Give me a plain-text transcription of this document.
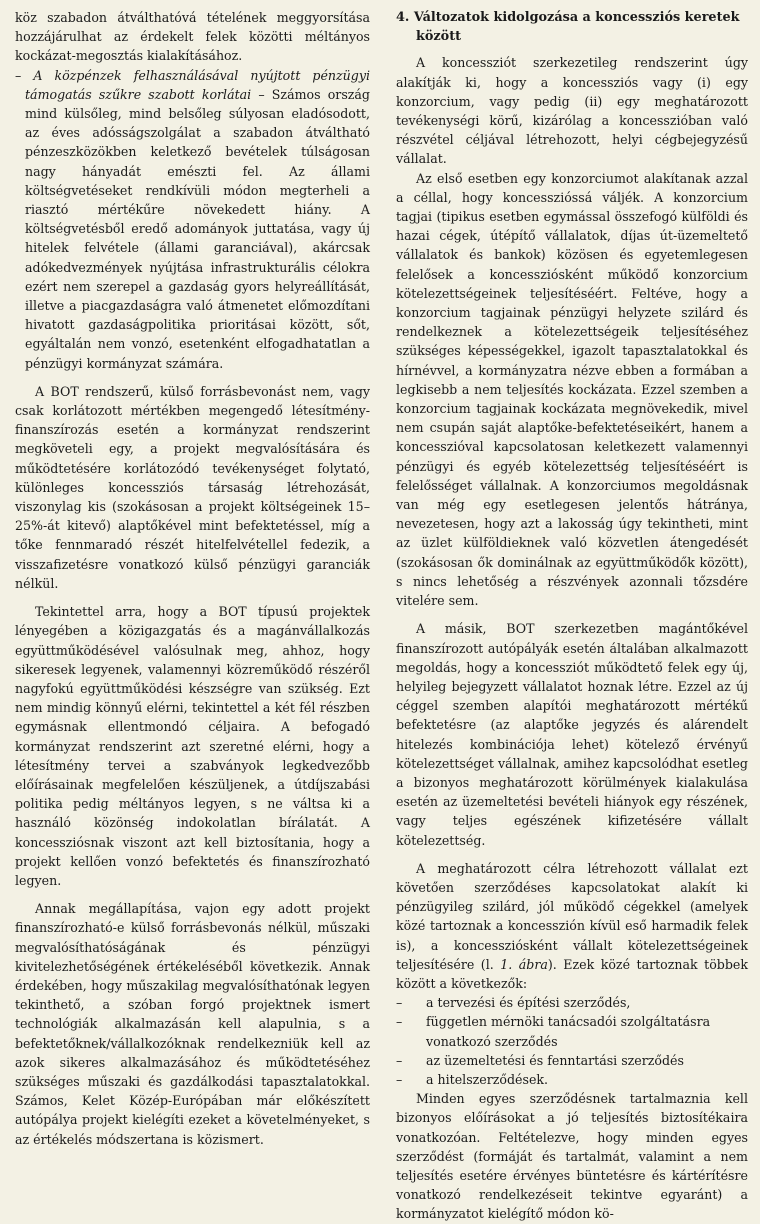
köz szabadon átválthatóvá tételének meggyorsítása hozzájárulhat az érdekelt felek közötti méltányos kockázat-megosztás kialakításához.

– A közpénzek felhasználásával nyújtott pénzügyi támogatás szűkre szabott korlátai – Számos ország mind külsőleg, mind belsőleg súlyosan eladósodott, az éves adósságszolgálat a szabadon átváltható pénzeszközökben keletkező bevételek túlságosan nagy hányadát emészti fel. Az állami költségvetéseket rendkívüli módon megterheli a riasztó mértékűre növekedett hiány. A költségvetésből eredő adományok juttatása, vagy új hitelek felvétele (állami garanciával), akárcsak adókedvezmények nyújtása infrastrukturális célokra ezért nem szerepel a gazdaság gyors helyreállítását, illetve a piacgazdaságra való átmenetet előmozdítani hivatott gazdaságpolitika prioritásai között, sőt, egyáltalán nem vonzó, esetenként elfogadhatatlan a pénzügyi kormányzat számára.

A BOT rendszerű, külső forrásbevonást nem, vagy csak korlátozott mértékben megengedő létesítmény-finanszírozás esetén a kormányzat rendszerint megköveteli egy, a projekt megvalósítására és működtetésére korlátozódó tevékenységet folytató, különleges koncessziós társaság létrehozását, viszonylag kis (szokásosan a projekt költségeinek 15–25%-át kitevő) alaptőkével mint befektetéssel, míg a tőke fennmaradó részét hitelfelvétellel fedezik, a visszafizetésre vonatkozó külső pénzügyi garanciák nélkül.

Tekintettel arra, hogy a BOT típusú projektek lényegében a közigazgatás és a magánvállalkozás együttműködésével valósulnak meg, ahhoz, hogy sikeresek legyenek, valamennyi közreműködő részéről nagyfokú együttműködési készségre van szükség. Ezt nem mindig könnyű elérni, tekintettel a két fél részben egymásnak ellentmondó céljaira. A befogadó kormányzat rendszerint azt szeretné elérni, hogy a létesítmény tervei a szabványok legkedvezőbb előírásainak megfelelően készüljenek, a útdíjszabási politika pedig méltányos legyen, s ne váltsa ki a használó közönség indokolatlan bírálatát. A koncessziósnak viszont azt kell biztosítania, hogy a projekt kellően vonzó befektetés és finanszírozható legyen.

Annak megállapítása, vajon egy adott projekt finanszírozható-e külső forrásbevonás nélkül, műszaki megvalósíthatóságának és pénzügyi kivitelezhetőségének értékeléséből következik. Annak érdekében, hogy műszakilag megvalósíthatónak legyen tekinthető, a szóban forgó projektnek ismert technológiák alkalmazásán kell alapulnia, s a befektetőknek/vállalkozóknak rendelkezniük kell az azok sikeres alkalmazásához és működtetéséhez szükséges műszaki és gazdálkodási tapasztalatokkal. Számos, Kelet Közép-Európában már előkészített autópálya projekt kielégíti ezeket a követelményeket, s az értékelés módszertana is közismert.

4. Változatok kidolgozása a koncessziós keretek között

A koncessziót szerkezetileg rendszerint úgy alakítják ki, hogy a koncessziós vagy (i) egy konzorcium, vagy pedig (ii) egy meghatározott tevékenységi körű, kizárólag a koncesszióban való részvétel céljával létrehozott, helyi cégbejegyzésű vállalat.

Az első esetben egy konzorciumot alakítanak azzal a céllal, hogy koncesszióssá váljék. A konzorcium tagjai (tipikus esetben egymással összefogó külföldi és hazai cégek, útépítő vállalatok, díjas út-üzemeltető vállalatok és bankok) közösen és egyetemlegesen felelősek a koncessziósként működő konzorcium kötelezettségeinek teljesítéséért. Feltéve, hogy a konzorcium tagjainak pénzügyi helyzete szilárd és rendelkeznek a kötelezettségeik teljesítéséhez szükséges képességekkel, igazolt tapasztalatokkal és hírnévvel, a kormányzatra nézve ebben a formában a legkisebb a nem teljesítés kockázata. Ezzel szemben a konzorcium tagjainak kockázata megnövekedik, mivel nem csupán saját alaptőke-befektetéseikért, hanem a koncesszióval kapcsolatosan keletkezett valamennyi pénzügyi és egyéb kötelezettség teljesítéséért is felelősséget vállalnak. A konzorciumos megoldásnak van még egy esetlegesen jelentős hátránya, nevezetesen, hogy azt a lakosság úgy tekintheti, mint az üzlet külföldieknek való közvetlen átengedését (szokásosan ők dominálnak az együttműködők között), s nincs lehetőség a részvények azonnali tőzsdére vitelére sem.

A másik, BOT szerkezetben magántőkével finanszírozott autópályák esetén általában alkalmazott megoldás, hogy a koncessziót működtető felek egy új, helyileg bejegyzett vállalatot hoznak létre. Ezzel az új céggel szemben alapítói meghatározott mértékű befektetésre (az alaptőke jegyzés és alárendelt hitelezés kombinációja lehet) kötelező érvényű kötelezettséget vállalnak, amihez kapcsolódhat esetleg a bizonyos meghatározott körülmények kialakulása esetén az üzemeltetési bevételi hiányok egy részének, vagy teljes egészének kifizetésére vállalt kötelezettség.

A meghatározott célra létrehozott vállalat ezt követően szerződéses kapcsolatokat alakít ki pénzügyileg szilárd, jól működő cégekkel (amelyek közé tartoznak a koncesszión kívül eső harmadik felek is), a koncessziósként vállalt kötelezettségeinek teljesítésére (l. 1. ábra). Ezek közé tartoznak többek között a következők:

– a tervezési és építési szerződés,
– független mérnöki tanácsadói szolgáltatásra vonatkozó szerződés
– az üzemeltetési és fenntartási szerződés
– a hitelszerződések.

Minden egyes szerződésnek tartalmaznia kell bizonyos előírásokat a jó teljesítés biztosítékaira vonatkozóan. Feltételezve, hogy minden egyes szerződést (formáját és tartalmát, valamint a nem teljesítés esetére érvényes büntetésre és kártérítésre vonatkozó rendelkezéseit tekintve egyaránt) a kormányzatot kielégítő módon kö-
